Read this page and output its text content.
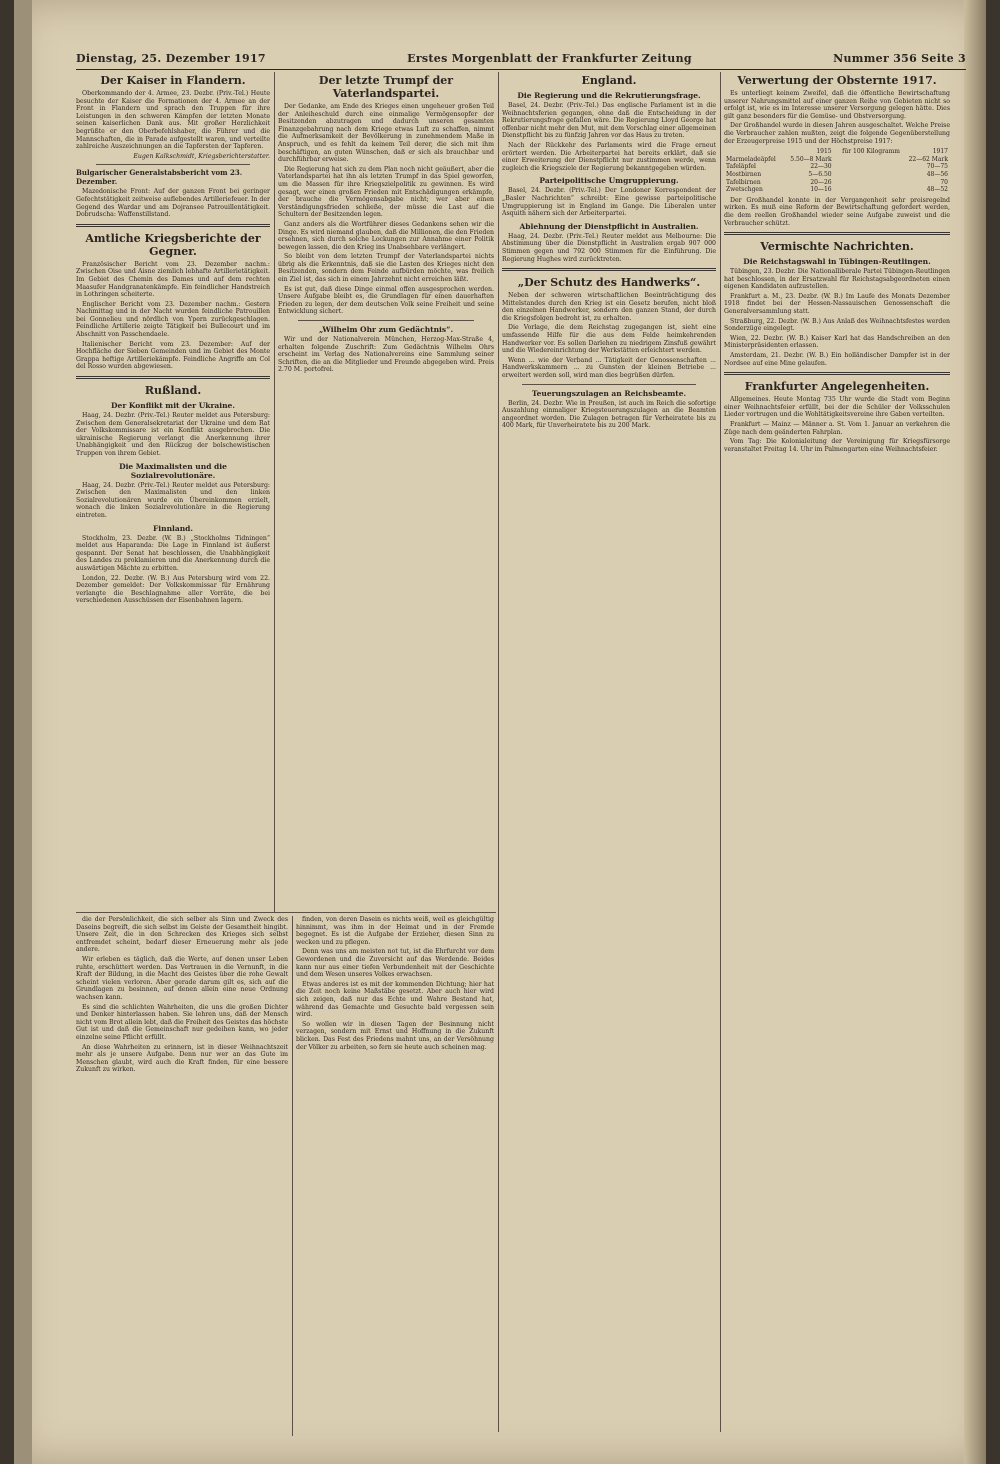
Dienstag, 25. Dezember 1917	Erstes Morgenblatt der Frankfurter Zeitung	Nummer 356 Seite 3
Der Kaiser in Flandern.

Oberkommando der 4. Armee, 23. Dezbr. (Priv.-Tel.) Heute besuchte der Kaiser die Formationen der 4. Armee an der Front in Flandern und sprach den Truppen für ihre Leistungen in den schweren Kämpfen der letzten Monate seinen kaiserlichen Dank aus. Mit großer Herzlichkeit begrüßte er den Oberbefehlshaber, die Führer und die Mannschaften, die in Parade aufgestellt waren, und verteilte zahlreiche Auszeichnungen an die Tapfersten der Tapferen.

Eugen Kalkschmidt, Kriegsberichterstatter.

Bulgarischer Generalstabsbericht vom 23. Dezember.

Mazedonische Front: Auf der ganzen Front bei geringer Gefechtstätigkeit zeitweise auflebendes Artilleriefeuer. In der Gegend des Wardar und am Dojransee Patrouillentätigkeit. Dobrudscha: Waffenstillstand.

Amtliche Kriegsberichte der Gegner.

Französischer Bericht vom 23. Dezember nachm.: Zwischen Oise und Aisne ziemlich lebhafte Artillerietätigkeit. Im Gebiet des Chemin des Dames und auf dem rechten Maasufer Handgranatenkämpfe. Ein feindlicher Handstreich in Lothringen scheiterte.

Englischer Bericht vom 23. Dezember nachm.: Gestern Nachmittag und in der Nacht wurden feindliche Patrouillen bei Gonnelieu und nördlich von Ypern zurückgeschlagen. Feindliche Artillerie zeigte Tätigkeit bei Bullecourt und im Abschnitt von Passchendaele.

Italienischer Bericht vom 23. Dezember: Auf der Hochfläche der Sieben Gemeinden und im Gebiet des Monte Grappa heftige Artilleriekämpfe. Feindliche Angriffe am Col del Rosso wurden abgewiesen.

Rußland.
Der Konflikt mit der Ukraine.

Haag, 24. Dezbr. (Priv.-Tel.) Reuter meldet aus Petersburg: Zwischen dem Generalsekretariat der Ukraine und dem Rat der Volkskommissare ist ein Konflikt ausgebrochen. Die ukrainische Regierung verlangt die Anerkennung ihrer Unabhängigkeit und den Rückzug der bolschewistischen Truppen von ihrem Gebiet.

Die Maximalisten und die Sozialrevolutionäre.

Haag, 24. Dezbr. (Priv.-Tel.) Reuter meldet aus Petersburg: Zwischen den Maximalisten und den linken Sozialrevolutionären wurde ein Übereinkommen erzielt, wonach die linken Sozialrevolutionäre in die Regierung eintreten.

Finnland.

Stockholm, 23. Dezbr. (W. B.) „Stockholms Tidningen“ meldet aus Haparanda: Die Lage in Finnland ist äußerst gespannt. Der Senat hat beschlossen, die Unabhängigkeit des Landes zu proklamieren und die Anerkennung durch die auswärtigen Mächte zu erbitten.

London, 22. Dezbr. (W. B.) Aus Petersburg wird vom 22. Dezember gemeldet: Der Volkskommissar für Ernährung verlangte die Beschlagnahme aller Vorräte, die bei verschiedenen Ausschüssen der Eisenbahnen lagern.

Der letzte Trumpf der Vaterlandspartei.

Der Gedanke, am Ende des Krieges einen ungeheuer großen Teil der Anleiheschuld durch eine einmalige Vermögensopfer der Besitzenden abzutragen und dadurch unseren gesamten Finanzgebahrung nach dem Kriege etwas Luft zu schaffen, nimmt die Aufmerksamkeit der Bevölkerung in zunehmendem Maße in Anspruch, und es fehlt da keinem Teil derer, die sich mit ihm beschäftigen, an guten Wünschen, daß er sich als brauchbar und durchführbar erweise.

Die Regierung hat sich zu dem Plan noch nicht geäußert, aber die Vaterlandspartei hat ihn als letzten Trumpf in das Spiel geworfen, um die Massen für ihre Kriegszielpolitik zu gewinnen. Es wird gesagt, wer einen großen Frieden mit Entschädigungen erkämpfe, der brauche die Vermögensabgabe nicht; wer aber einen Verständigungsfrieden schließe, der müsse die Last auf die Schultern der Besitzenden legen.

Ganz anders als die Wortführer dieses Gedankens sehen wir die Dinge. Es wird niemand glauben, daß die Millionen, die den Frieden ersehnen, sich durch solche Lockungen zur Annahme einer Politik bewegen lassen, die den Krieg ins Unabsehbare verlängert.

So bleibt von dem letzten Trumpf der Vaterlandspartei nichts übrig als die Erkenntnis, daß sie die Lasten des Krieges nicht den Besitzenden, sondern dem Feinde aufbürden möchte, was freilich ein Ziel ist, das sich in einem Jahrzehnt nicht erreichen läßt.

Es ist gut, daß diese Dinge einmal offen ausgesprochen werden. Unsere Aufgabe bleibt es, die Grundlagen für einen dauerhaften Frieden zu legen, der dem deutschen Volk seine Freiheit und seine Entwicklung sichert.

„Wilhelm Ohr zum Gedächtnis“.

Wir und der Nationalverein München, Herzog-Max-Straße 4, erhalten folgende Zuschrift: Zum Gedächtnis Wilhelm Ohrs erscheint im Verlag des Nationalvereins eine Sammlung seiner Schriften, die an die Mitglieder und Freunde abgegeben wird. Preis 2.70 M. portofrei.

England.
Die Regierung und die Rekrutierungsfrage.

Basel, 24. Dezbr. (Priv.-Tel.) Das englische Parlament ist in die Weihnachtsferien gegangen, ohne daß die Entscheidung in der Rekrutierungsfrage gefallen wäre. Die Regierung Lloyd George hat offenbar nicht mehr den Mut, mit dem Vorschlag einer allgemeinen Dienstpflicht bis zu fünfzig Jahren vor das Haus zu treten.

Nach der Rückkehr des Parlaments wird die Frage erneut erörtert werden. Die Arbeiterpartei hat bereits erklärt, daß sie einer Erweiterung der Dienstpflicht nur zustimmen werde, wenn zugleich die Kriegsziele der Regierung bekanntgegeben würden.

Parteipolitische Umgruppierung.

Basel, 24. Dezbr. (Priv.-Tel.) Der Londoner Korrespondent der „Basler Nachrichten“ schreibt: Eine gewisse parteipolitische Umgruppierung ist in England im Gange. Die Liberalen unter Asquith nähern sich der Arbeiterpartei.

Ablehnung der Dienstpflicht in Australien.

Haag, 24. Dezbr. (Priv.-Tel.) Reuter meldet aus Melbourne: Die Abstimmung über die Dienstpflicht in Australien ergab 907 000 Stimmen gegen und 792 000 Stimmen für die Einführung. Die Regierung Hughes wird zurücktreten.

„Der Schutz des Handwerks“.

Neben der schweren wirtschaftlichen Beeinträchtigung des Mittelstandes durch den Krieg ist ein Gesetz berufen, nicht bloß den einzelnen Handwerker, sondern den ganzen Stand, der durch die Kriegsfolgen bedroht ist, zu erhalten.

Die Vorlage, die dem Reichstag zugegangen ist, sieht eine umfassende Hilfe für die aus dem Felde heimkehrenden Handwerker vor. Es sollen Darlehen zu niedrigem Zinsfuß gewährt und die Wiedereinrichtung der Werkstätten erleichtert werden.

Wenn ... wie der Verband ... Tätigkeit der Genossenschaften ... Handwerkskammern ... zu Gunsten der kleinen Betriebe ... erweitert werden soll, wird man dies begrüßen dürfen.

Teuerungszulagen an Reichsbeamte.

Berlin, 24. Dezbr. Wie in Preußen, ist auch im Reich die sofortige Auszahlung einmaliger Kriegsteuerungszulagen an die Beamten angeordnet worden. Die Zulagen betragen für Verheiratete bis zu 400 Mark, für Unverheiratete bis zu 200 Mark.

Verwertung der Obsternte 1917.

Es unterliegt keinem Zweifel, daß die öffentliche Bewirtschaftung unserer Nahrungsmittel auf einer ganzen Reihe von Gebieten nicht so erfolgt ist, wie es im Interesse unserer Versorgung gelegen hätte. Dies gilt ganz besonders für die Gemüse- und Obstversorgung.

Der Großhandel wurde in diesen Jahren ausgeschaltet. Welche Preise die Verbraucher zahlen mußten, zeigt die folgende Gegenüberstellung der Erzeugerpreise 1915 und der Höchstpreise 1917:

	1915	für 100 Kilogramm	1917
Marmeladeäpfel	5.50—8 Mark		22—62 Mark
Tafeläpfel	22—30		70—75
Mostbirnen	5—6.50		48—56
Tafelbirnen	20—26		70
Zwetschgen	10—16		48—52

Der Großhandel konnte in der Vergangenheit sehr preisregelnd wirken. Es muß eine Reform der Bewirtschaftung gefordert werden, die dem reellen Großhandel wieder seine Aufgabe zuweist und die Verbraucher schützt.

Vermischte Nachrichten.
Die Reichstagswahl in Tübingen-Reutlingen.

Tübingen, 23. Dezbr. Die Nationalliberale Partei Tübingen-Reutlingen hat beschlossen, in der Ersatzwahl für Reichstagsabgeordneten einen eigenen Kandidaten aufzustellen.

Frankfurt a. M., 23. Dezbr. (W. B.) Im Laufe des Monats Dezember 1918 findet bei der Hessen-Nassauischen Genossenschaft die Generalversammlung statt.

Straßburg, 22. Dezbr. (W. B.) Aus Anlaß des Weihnachtsfestes werden Sonderzüge eingelegt.

Wien, 22. Dezbr. (W. B.) Kaiser Karl hat das Handschreiben an den Ministerpräsidenten erlassen.

Amsterdam, 21. Dezbr. (W. B.) Ein holländischer Dampfer ist in der Nordsee auf eine Mine gelaufen.

Frankfurter Angelegenheiten.

Allgemeines. Heute Montag 735 Uhr wurde die Stadt vom Beginn einer Weihnachtsfeier erfüllt, bei der die Schüler der Volksschulen Lieder vortrugen und die Wohltätigkeitsvereine ihre Gaben verteilten.

Frankfurt — Mainz — Männer a. St. Vom 1. Januar an verkehren die Züge nach dem geänderten Fahrplan.

Vom Tag: Die Kolonialeitung der Vereinigung für Kriegsfürsorge veranstaltet Freitag 14. Uhr im Palmengarten eine Weihnachtsfeier.

die der Persönlichkeit, die sich selber als Sinn und Zweck des Daseins begreift, die sich selbst im Geiste der Gesamtheit hingibt. Unsere Zeit, die in den Schrecken des Krieges sich selbst entfremdet scheint, bedarf dieser Erneuerung mehr als jede andere.

Wir erleben es täglich, daß die Werte, auf denen unser Leben ruhte, erschüttert werden. Das Vertrauen in die Vernunft, in die Kraft der Bildung, in die Macht des Geistes über die rohe Gewalt scheint vielen verloren. Aber gerade darum gilt es, sich auf die Grundlagen zu besinnen, auf denen allein eine neue Ordnung wachsen kann.

Es sind die schlichten Wahrheiten, die uns die großen Dichter und Denker hinterlassen haben. Sie lehren uns, daß der Mensch nicht vom Brot allein lebt, daß die Freiheit des Geistes das höchste Gut ist und daß die Gemeinschaft nur gedeihen kann, wo jeder einzelne seine Pflicht erfüllt.

An diese Wahrheiten zu erinnern, ist in dieser Weihnachtszeit mehr als je unsere Aufgabe. Denn nur wer an das Gute im Menschen glaubt, wird auch die Kraft finden, für eine bessere Zukunft zu wirken.

finden, von deren Dasein es nichts weiß, weil es gleichgültig hinnimmt, was ihm in der Heimat und in der Fremde begegnet. Es ist die Aufgabe der Erzieher, diesen Sinn zu wecken und zu pflegen.

Denn was uns am meisten not tut, ist die Ehrfurcht vor dem Gewordenen und die Zuversicht auf das Werdende. Beides kann nur aus einer tiefen Verbundenheit mit der Geschichte und dem Wesen unseres Volkes erwachsen.

Etwas anderes ist es mit der kommenden Dichtung; hier hat die Zeit noch keine Maßstäbe gesetzt. Aber auch hier wird sich zeigen, daß nur das Echte und Wahre Bestand hat, während das Gemachte und Gesuchte bald vergessen sein wird.

So wollen wir in diesen Tagen der Besinnung nicht verzagen, sondern mit Ernst und Hoffnung in die Zukunft blicken. Das Fest des Friedens mahnt uns, an der Versöhnung der Völker zu arbeiten, so fern sie heute auch scheinen mag.
